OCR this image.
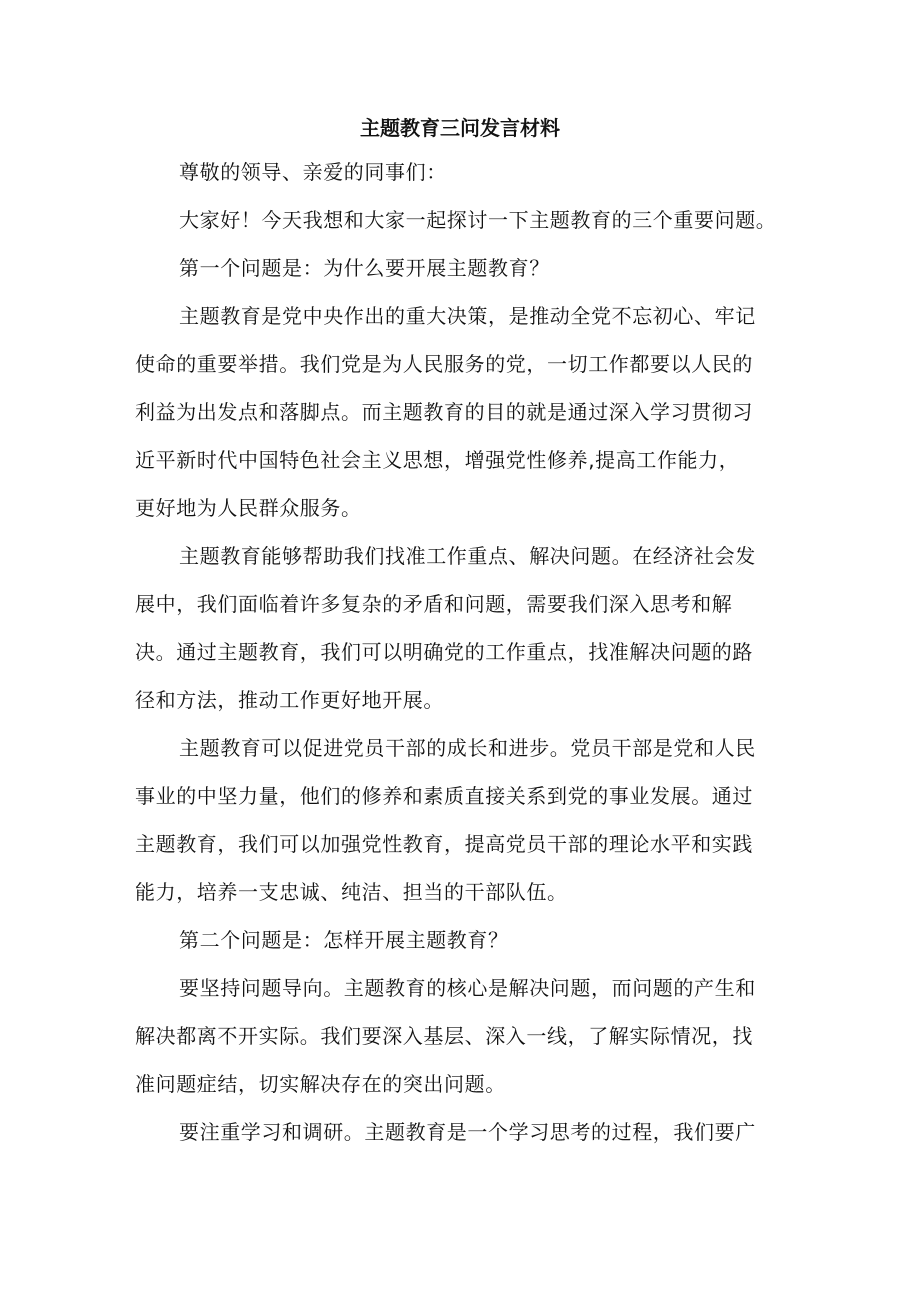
主题教育三问发言材料
尊敬的领导、亲爱的同事们：
大家好！今天我想和大家一起探讨一下主题教育的三个重要问题。
第一个问题是：为什么要开展主题教育？
主题教育是党中央作出的重大决策，是推动全党不忘初心、牢记
使命的重要举措。我们党是为人民服务的党，一切工作都要以人民的
利益为出发点和落脚点。而主题教育的目的就是通过深入学习贯彻习
近平新时代中国特色社会主义思想，增强党性修养,提高工作能力，
更好地为人民群众服务。
主题教育能够帮助我们找准工作重点、解决问题。在经济社会发
展中，我们面临着许多复杂的矛盾和问题，需要我们深入思考和解
决。通过主题教育，我们可以明确党的工作重点，找准解决问题的路
径和方法，推动工作更好地开展。
主题教育可以促进党员干部的成长和进步。党员干部是党和人民
事业的中坚力量，他们的修养和素质直接关系到党的事业发展。通过
主题教育，我们可以加强党性教育，提高党员干部的理论水平和实践
能力，培养一支忠诚、纯洁、担当的干部队伍。
第二个问题是：怎样开展主题教育？
要坚持问题导向。主题教育的核心是解决问题，而问题的产生和
解决都离不开实际。我们要深入基层、深入一线，了解实际情况，找
准问题症结，切实解决存在的突出问题。
要注重学习和调研。主题教育是一个学习思考的过程，我们要广
